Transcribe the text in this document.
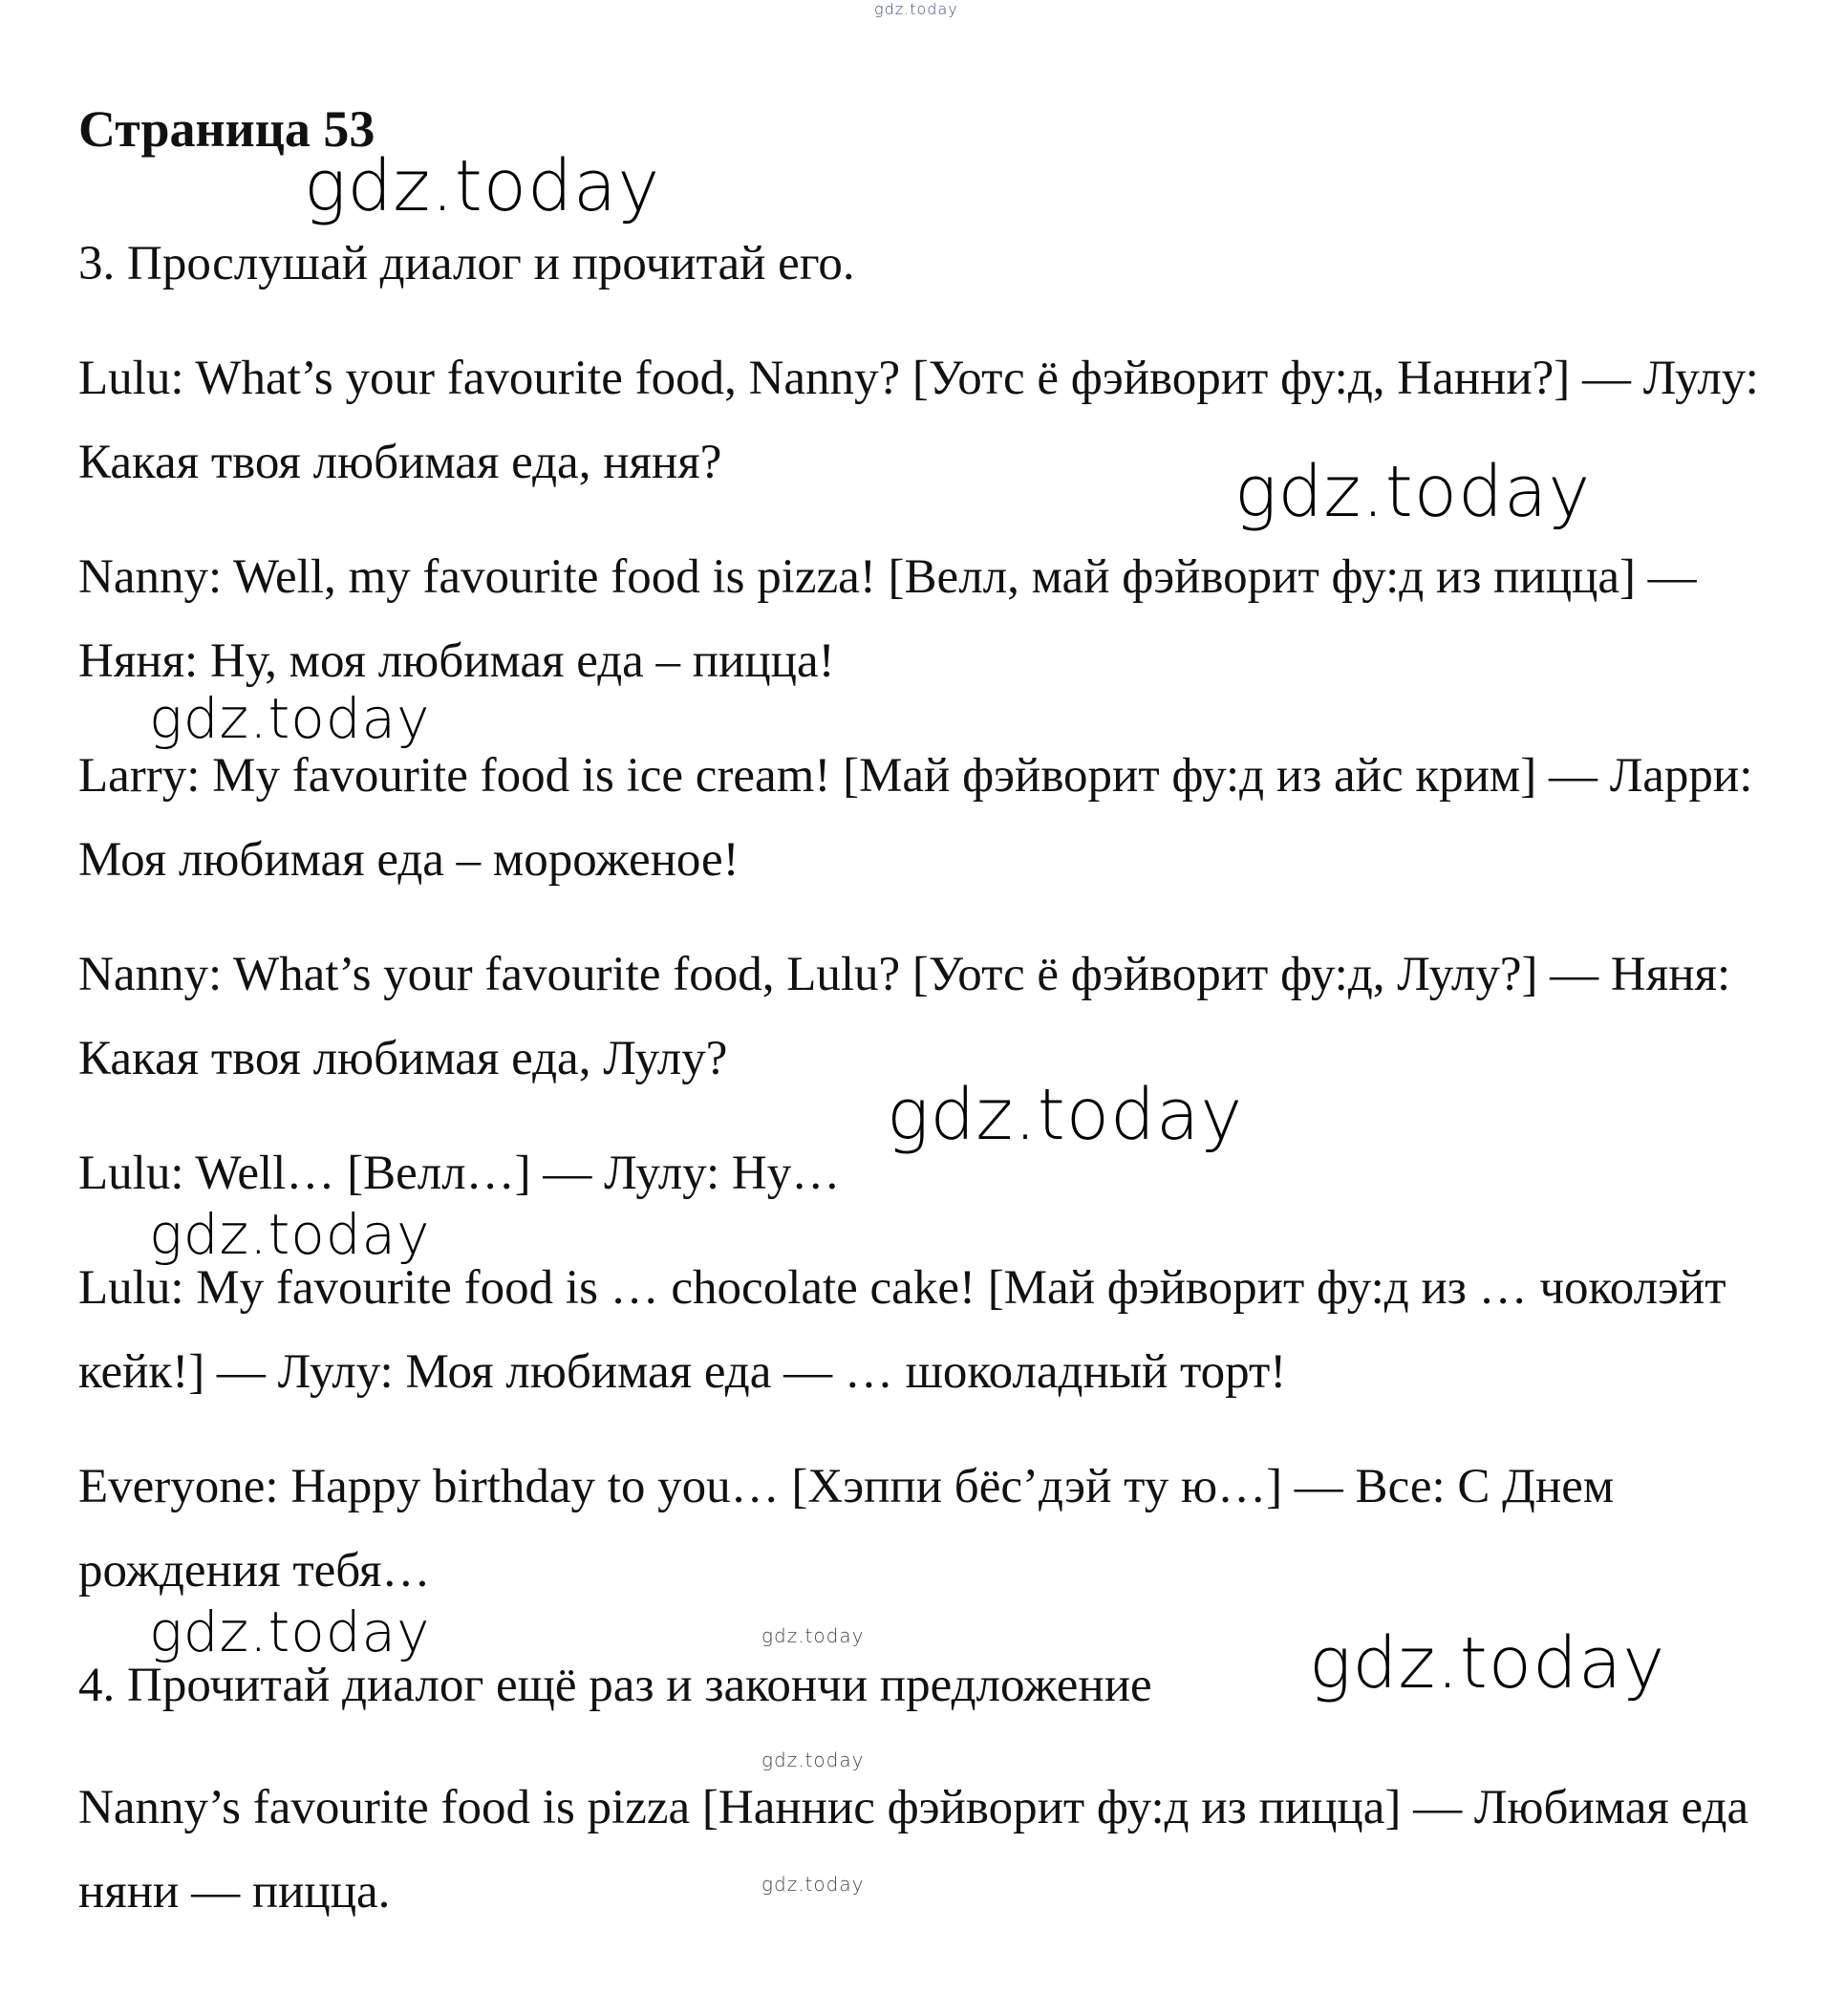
gdz.today
Страница 53
gdz.today
3. Прослушай диалог и прочитай его.
Lulu: What’s your favourite food, Nanny? [Уотс ё фэйворит фу:д, Нанни?] — Лулу: Какая твоя любимая еда, няня?	gdz.today
Nanny: Well, my favourite food is pizza! [Велл, май фэйворит фу:д из пицца] — Няня: Ну, моя любимая еда – пицца!
gdz.today
Larry: My favourite food is ice cream! [Май фэйворит фу:д из айс крим] — Ларри: Моя любимая еда – мороженое!
Nanny: What’s your favourite food, Lulu? [Уотс ё фэйворит фу:д, Лулу?] — Няня: Какая твоя любимая еда, Лулу?
gdz.today
Lulu: Well… [Велл…] — Лулу: Ну…
gdz.today
Lulu: My favourite food is … chocolate cake! [Май фэйворит фу:д из … чоколэйт кейк!] — Лулу: Моя любимая еда — … шоколадный торт!
Everyone: Happy birthday to you… [Хэппи бёс’дэй ту ю…] — Все: С Днем рождения тебя…
gdz.today	gdz.today
4. Прочитай диалог ещё раз и закончи предложение	gdz.today
gdz.today
Nanny’s favourite food is pizza [Наннис фэйворит фу:д из пицца] — Любимая еда няни — пицца.	gdz.today
